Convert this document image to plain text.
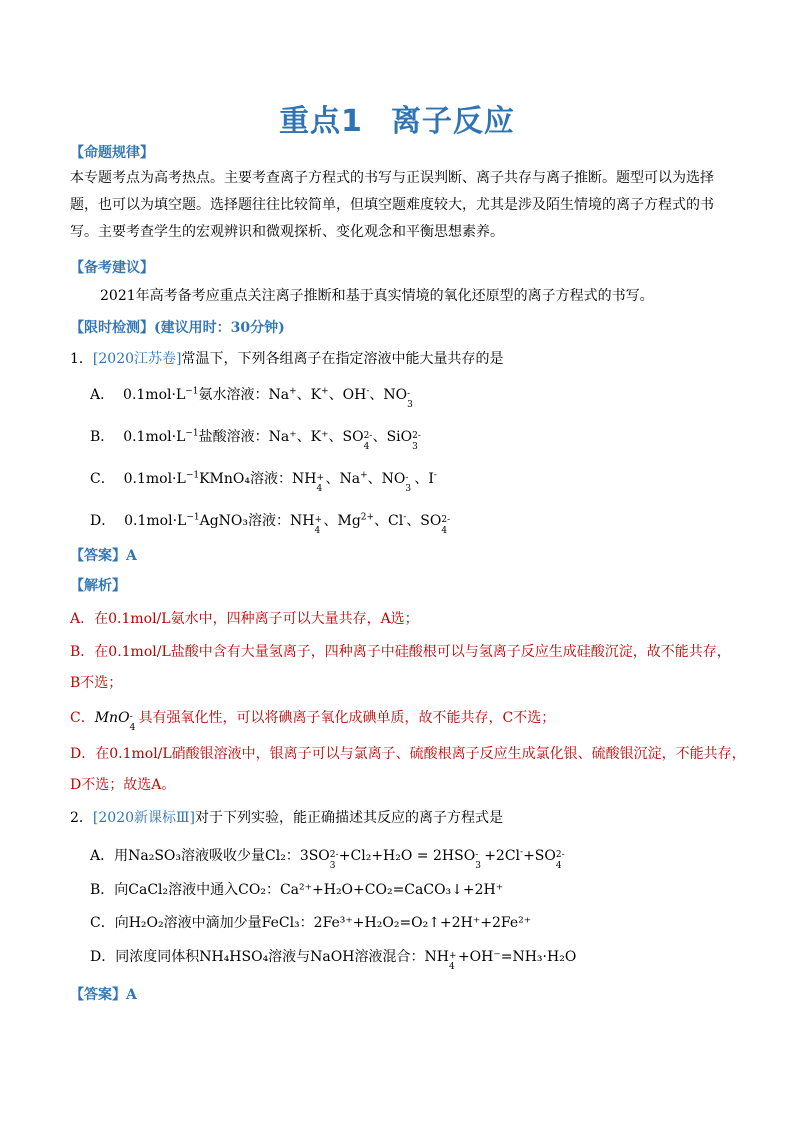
重点1 离子反应
【命题规律】
本专题考点为高考热点。主要考查离子方程式的书写与正误判断、离子共存与离子推断。题型可以为选择
题，也可以为填空题。选择题往往比较简单，但填空题难度较大，尤其是涉及陌生情境的离子方程式的书
写。主要考查学生的宏观辨识和微观探析、变化观念和平衡思想素养。
【备考建议】
2021年高考备考应重点关注离子推断和基于真实情境的氧化还原型的离子方程式的书写。
【限时检测】(建议用时：30分钟)
1．[2020江苏卷]常温下，下列各组离子在指定溶液中能大量共存的是
A． $0.1mol\cdot L^{-1}$氨水溶液：Na+、K+、OH-、NO -
3
B．  $0.1mol\cdot L^{-1}$盐酸溶液：Na⁺、K⁺、SO 2-
4
、SiO 2-
3
C．  $0.1mol\cdot L^{-1}KMnO_4$溶液：NH +
4
、Na+、NO -
3
、I-
D．  $0.1mol\cdot L^{-1}AgNO_3$溶液：NH +
4
、$Mg^{2+}$、Cl-、SO 2-
4
【答案】A
【解析】
A．在0.1mol/L氨水中，四种离子可以大量共存，A选；
B．在0.1mol/L盐酸中含有大量氢离子，四种离子中硅酸根可以与氢离子反应生成硅酸沉淀，故不能共存，
B不选；
C．MnO -
4
具有强氧化性，可以将碘离子氧化成碘单质，故不能共存，C不选；
D．在0.1mol/L硝酸银溶液中，银离子可以与氯离子、硫酸根离子反应生成氯化银、硫酸银沉淀，不能共存，
D不选；故选A。
2．[2020新课标Ⅲ]对于下列实验，能正确描述其反应的离子方程式是
A．用Na₂SO₃溶液吸收少量Cl₂：3SO 2-
3
+Cl₂+H₂O = 2HSO -
3
+2Cl-+SO 2-
4
B．向CaCl₂溶液中通入CO₂：Ca²⁺+H₂O+CO₂=CaCO₃↓+2H⁺
C．向H₂O₂溶液中滴加少量FeCl₃：2Fe³⁺+H₂O₂=O₂↑+2H⁺+2Fe²⁺
D．同浓度同体积NH₄HSO₄溶液与NaOH溶液混合：NH +
4
+OH⁻=NH₃·H₂O
【答案】A
